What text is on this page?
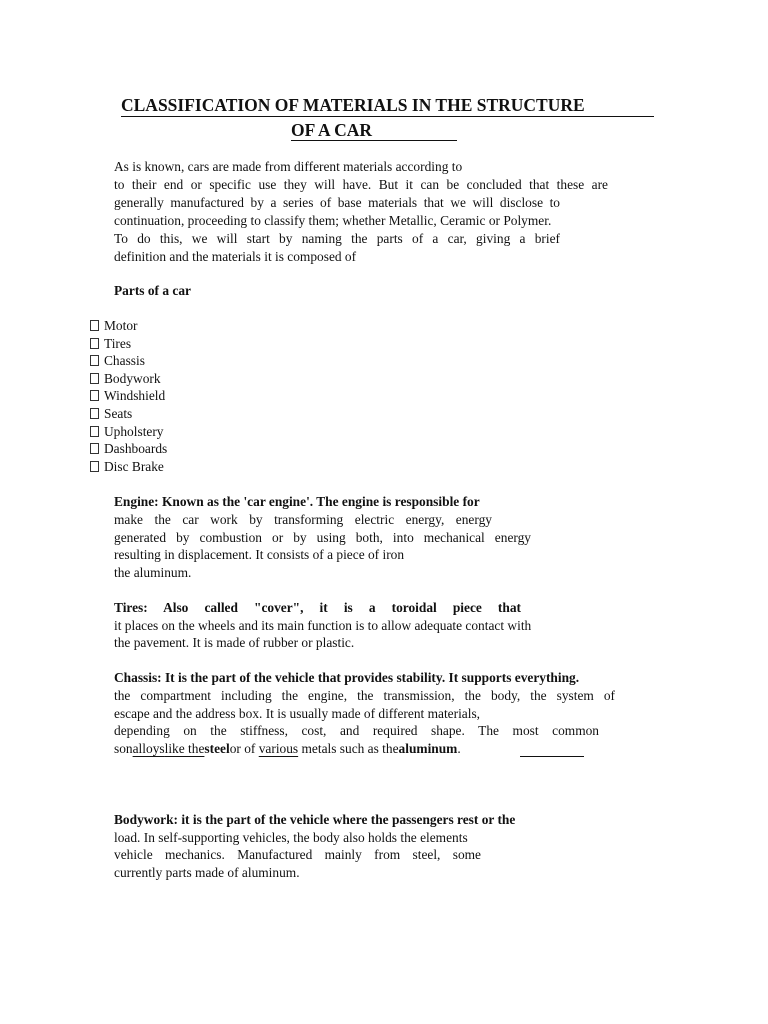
CLASSIFICATION OF MATERIALS IN THE STRUCTURE
OF A CAR
As is known, cars are made from different materials according to
to their end or specific use they will have. But it can be concluded that these are
generally manufactured by a series of base materials that we will disclose to
continuation, proceeding to classify them; whether Metallic, Ceramic or Polymer.
To do this, we will start by naming the parts of a car, giving a brief
definition and the materials it is composed of
Parts of a car
Motor
Tires
Chassis
Bodywork
Windshield
Seats
Upholstery
Dashboards
Disc Brake
Engine: Known as the 'car engine'. The engine is responsible for
make the car work by transforming electric energy, energy
generated by combustion or by using both, into mechanical energy
resulting in displacement. It consists of a piece of iron
the aluminum.
Tires: Also called "cover", it is a toroidal piece that
it places on the wheels and its main function is to allow adequate contact with
the pavement. It is made of rubber or plastic.
Chassis: It is the part of the vehicle that provides stability. It supports everything.
the compartment including the engine, the transmission, the body, the system of
escape and the address box. It is usually made of different materials,
depending on the stiffness, cost, and required shape. The most common
sonalloyslike thesteelor of various metals such as thealuminum.
Bodywork: it is the part of the vehicle where the passengers rest or the
load. In self-supporting vehicles, the body also holds the elements
vehicle mechanics. Manufactured mainly from steel, some
currently parts made of aluminum.
